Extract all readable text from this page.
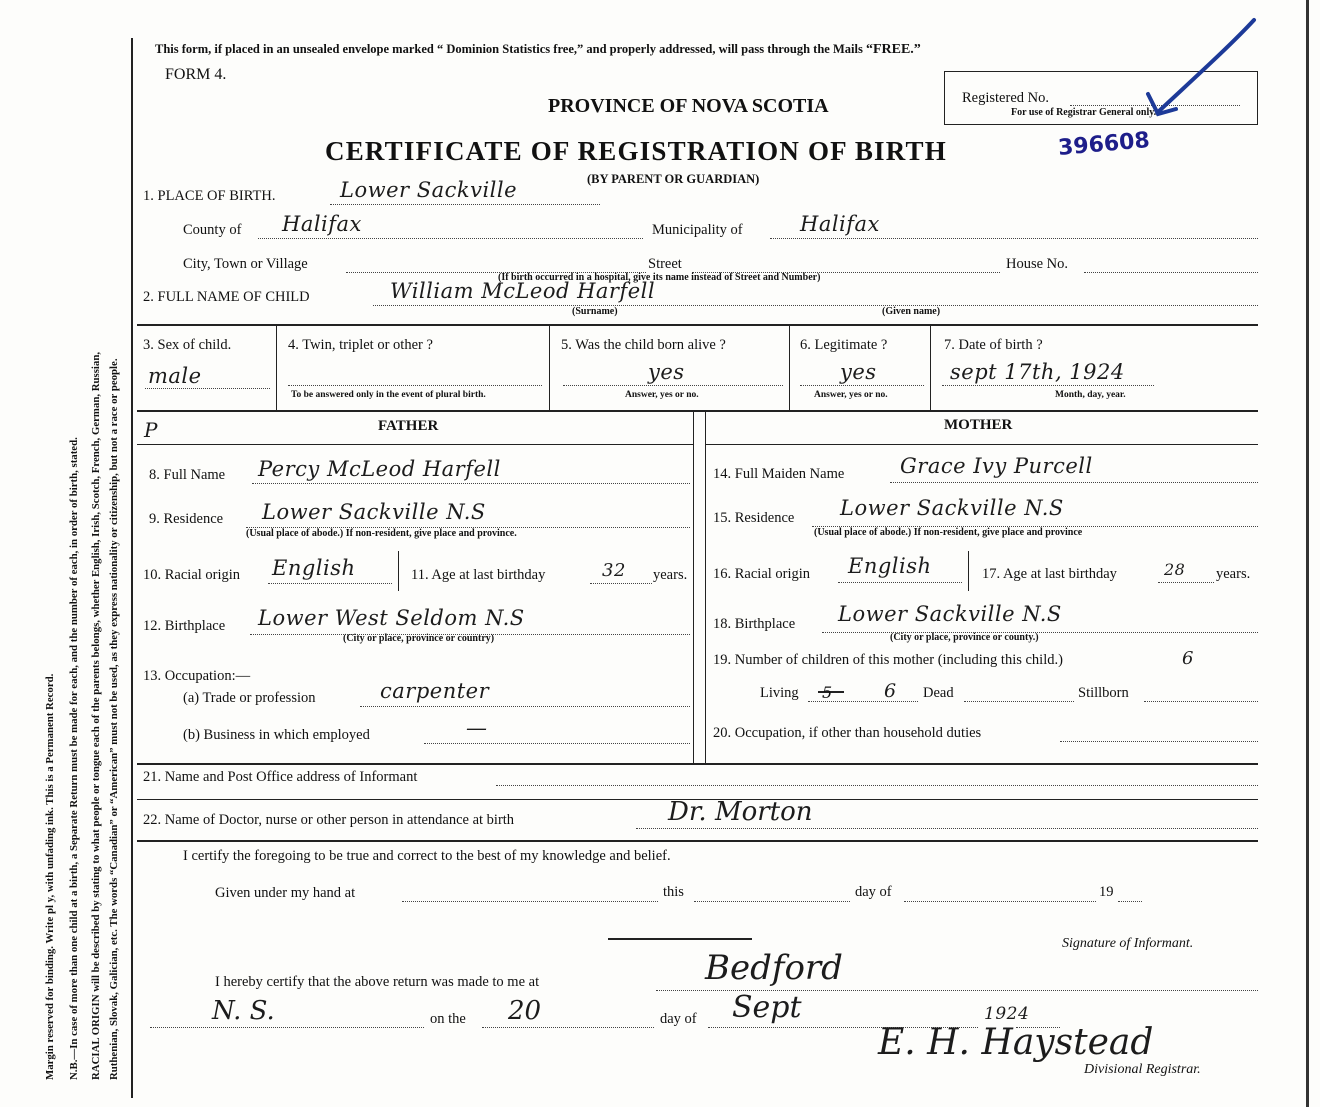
Margin reserved for binding. Write pl y, with unfading ink. This is a Permanent Record. N.B.—In case of more than one child at a birth, a Separate Return must be made for each, and the number of each, in order of birth, stated. RACIAL ORIGIN will be described by stating to what people or tongue each of the parents belongs, whether English, Irish, Scotch, French, German, Russian, Ruthenian, Slovak, Galician, etc. The words “Canadian” or “American” must not be used, as they express nationality or citizenship, but not a race or people.
This form, if placed in an unsealed envelope marked “ Dominion Statistics free,” and properly addressed, will pass through the Mails “FREE.”
FORM 4.
PROVINCE OF NOVA SCOTIA
CERTIFICATE OF REGISTRATION OF BIRTH
(BY PARENT OR GUARDIAN)
Registered No.
For use of Registrar General only.
396608
1. PLACE OF BIRTH.	Lower Sackville
County of Halifax	Municipality of	Halifax
City, Town or Village	Street	House No.
(If birth occurred in a hospital, give its name instead of Street and Number)
2. FULL NAME OF CHILD	William McLeod Harfell
(Surname)	(Given name)
3. Sex of child.
male
4. Twin, triplet or other ?
To be answered only in the event of plural birth.
5. Was the child born alive ?
yes
Answer, yes or no.
6. Legitimate ?
yes
Answer, yes or no.
7. Date of birth ?
sept 17th, 1924
Month, day, year.
P	FATHER	MOTHER
8. Full Name Percy McLeod Harfell
9. Residence Lower Sackville N.S
(Usual place of abode.) If non-resident, give place and province.
10. Racial origin English	11. Age at last birthday	32 years.
12. Birthplace Lower West Seldom N.S
(City or place, province or country)
13. Occupation:—
(a) Trade or profession	carpenter
(b) Business in which employed	—
14. Full Maiden Name	Grace Ivy Purcell
15. Residence Lower Sackville N.S
(Usual place of abode.) If non-resident, give place and province
16. Racial origin English	17. Age at last birthday	28 years.
18. Birthplace Lower Sackville N.S
(City or place, province or county.)
19. Number of children of this mother (including this child.)	6
Living 5	6 Dead	Stillborn
20. Occupation, if other than household duties
21. Name and Post Office address of Informant
22. Name of Doctor, nurse or other person in attendance at birth	Dr. Morton
I certify the foregoing to be true and correct to the best of my knowledge and belief.
Given under my hand at	this	day of	19
Signature of Informant.
I hereby certify that the above return was made to me at	Bedford
N. S.	on the 20	day of Sept	1924
E. H. Haystead
Divisional Registrar.
